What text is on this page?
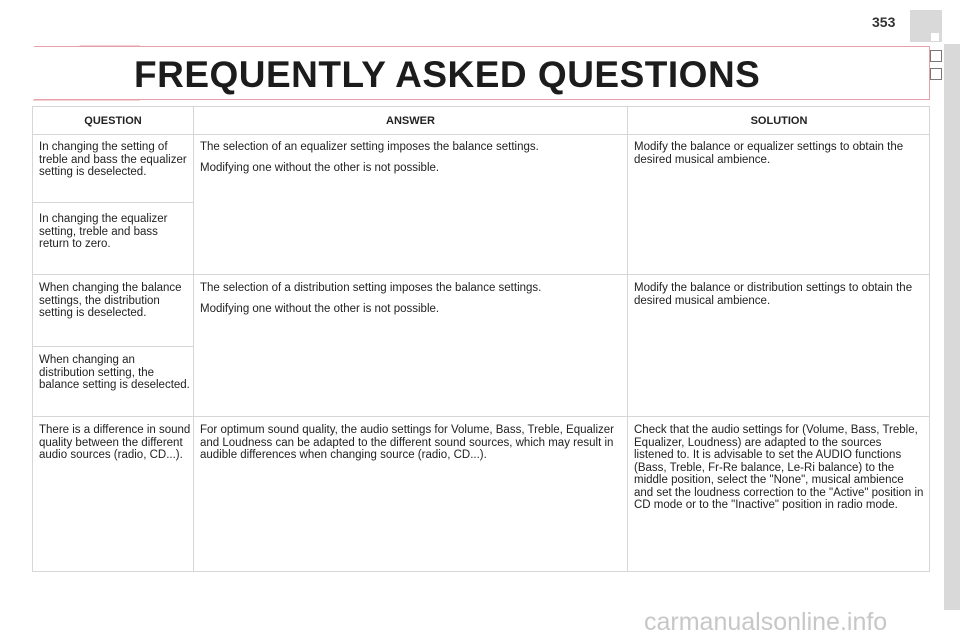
353
FREQUENTLY ASKED QUESTIONS
QUESTION	ANSWER	SOLUTION
In changing the setting of treble and bass the equalizer setting is deselected.
In changing the equalizer setting, treble and bass return to zero.

The selection of an equalizer setting imposes the balance settings.

Modifying one without the other is not possible.

Modify the balance or equalizer settings to obtain the desired musical ambience.
When changing the balance settings, the distribution setting is deselected.
When changing an distribution setting, the balance setting is deselected.

The selection of a distribution setting imposes the balance settings.

Modifying one without the other is not possible.

Modify the balance or distribution settings to obtain the desired musical ambience.
There is a difference in sound quality between the different audio sources (radio, CD...).

For optimum sound quality, the audio settings for Volume, Bass, Treble, Equalizer and Loudness can be adapted to the different sound sources, which may result in audible differences when changing source (radio, CD...).

Check that the audio settings for (Volume, Bass, Treble, Equalizer, Loudness) are adapted to the sources listened to. It is advisable to set the AUDIO functions (Bass, Treble, Fr-Re balance, Le-Ri balance) to the middle position, select the "None", musical ambience and set the loudness correction to the "Active" position in CD mode or to the "Inactive" position in radio mode.
carmanualsonline.info
